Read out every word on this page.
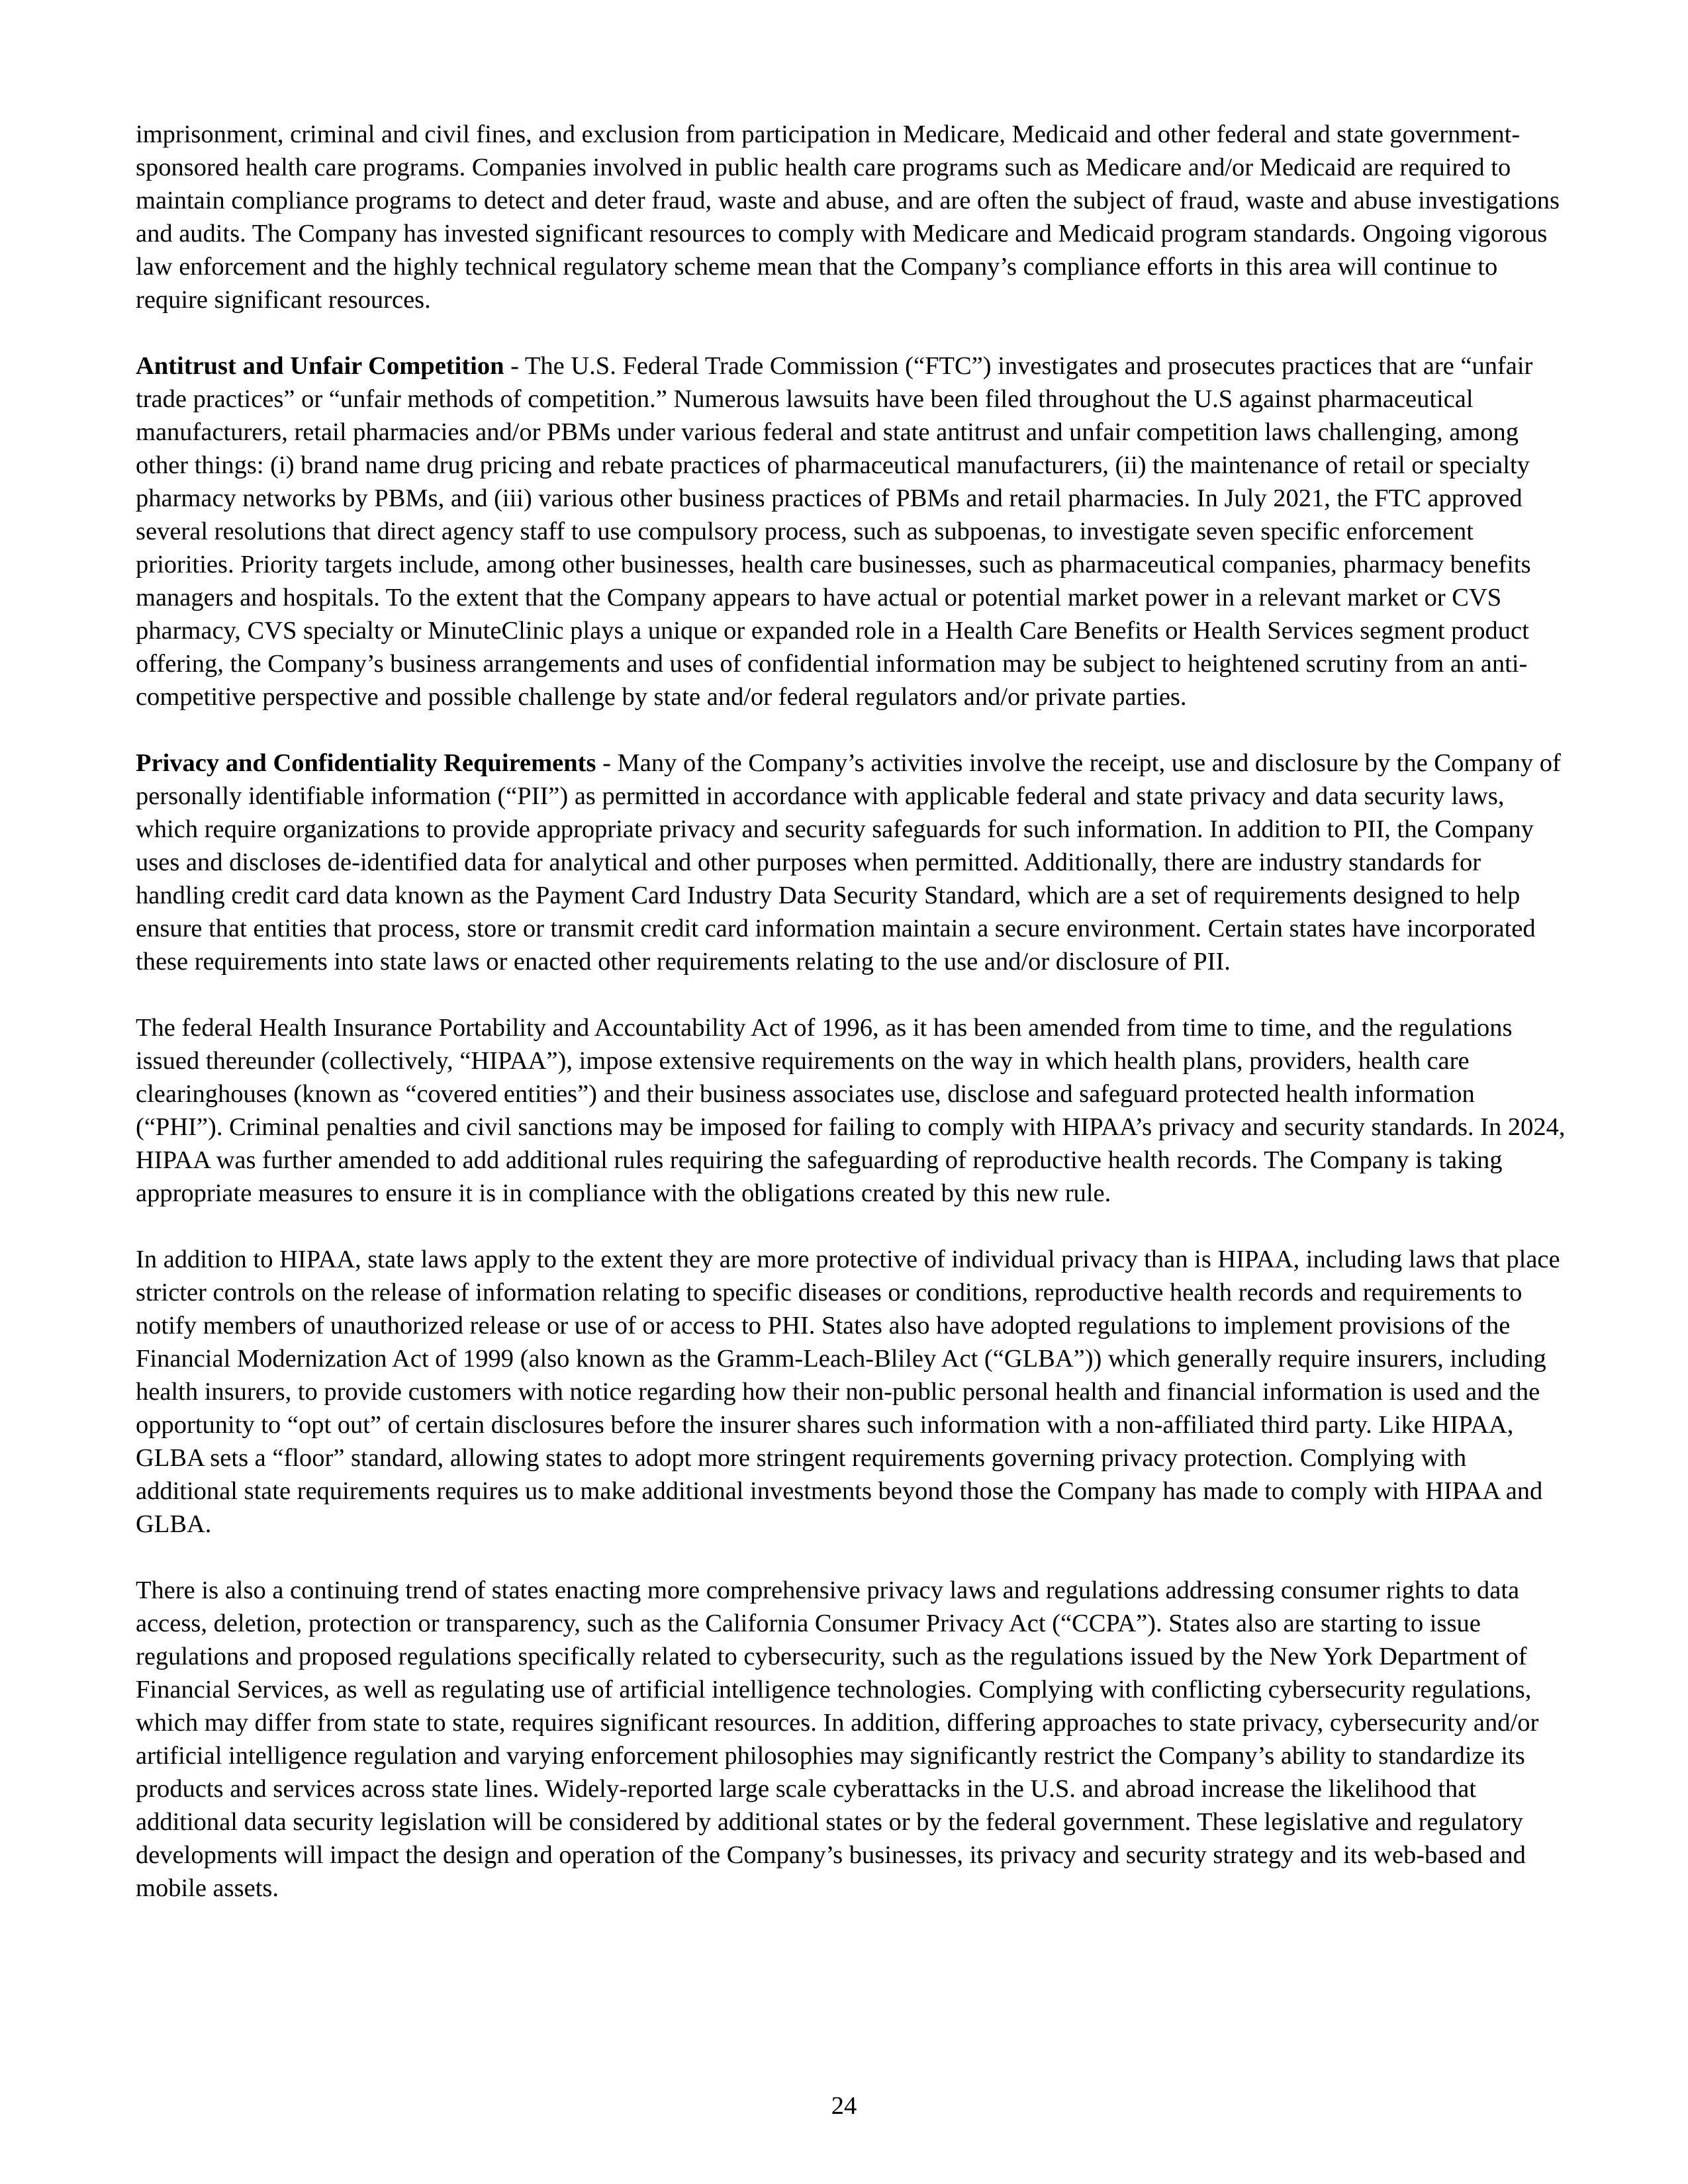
imprisonment, criminal and civil fines, and exclusion from participation in Medicare, Medicaid and other federal and state government-sponsored health care programs. Companies involved in public health care programs such as Medicare and/or Medicaid are required to maintain compliance programs to detect and deter fraud, waste and abuse, and are often the subject of fraud, waste and abuse investigations and audits. The Company has invested significant resources to comply with Medicare and Medicaid program standards. Ongoing vigorous law enforcement and the highly technical regulatory scheme mean that the Company’s compliance efforts in this area will continue to require significant resources.

Antitrust and Unfair Competition - The U.S. Federal Trade Commission (“FTC”) investigates and prosecutes practices that are “unfair trade practices” or “unfair methods of competition.” Numerous lawsuits have been filed throughout the U.S against pharmaceutical manufacturers, retail pharmacies and/or PBMs under various federal and state antitrust and unfair competition laws challenging, among other things: (i) brand name drug pricing and rebate practices of pharmaceutical manufacturers, (ii) the maintenance of retail or specialty pharmacy networks by PBMs, and (iii) various other business practices of PBMs and retail pharmacies. In July 2021, the FTC approved several resolutions that direct agency staff to use compulsory process, such as subpoenas, to investigate seven specific enforcement priorities. Priority targets include, among other businesses, health care businesses, such as pharmaceutical companies, pharmacy benefits managers and hospitals. To the extent that the Company appears to have actual or potential market power in a relevant market or CVS pharmacy, CVS specialty or MinuteClinic plays a unique or expanded role in a Health Care Benefits or Health Services segment product offering, the Company’s business arrangements and uses of confidential information may be subject to heightened scrutiny from an anti-competitive perspective and possible challenge by state and/or federal regulators and/or private parties.

Privacy and Confidentiality Requirements - Many of the Company’s activities involve the receipt, use and disclosure by the Company of personally identifiable information (“PII”) as permitted in accordance with applicable federal and state privacy and data security laws, which require organizations to provide appropriate privacy and security safeguards for such information. In addition to PII, the Company uses and discloses de-identified data for analytical and other purposes when permitted. Additionally, there are industry standards for handling credit card data known as the Payment Card Industry Data Security Standard, which are a set of requirements designed to help ensure that entities that process, store or transmit credit card information maintain a secure environment. Certain states have incorporated these requirements into state laws or enacted other requirements relating to the use and/or disclosure of PII.

The federal Health Insurance Portability and Accountability Act of 1996, as it has been amended from time to time, and the regulations issued thereunder (collectively, “HIPAA”), impose extensive requirements on the way in which health plans, providers, health care clearinghouses (known as “covered entities”) and their business associates use, disclose and safeguard protected health information (“PHI”). Criminal penalties and civil sanctions may be imposed for failing to comply with HIPAA’s privacy and security standards. In 2024, HIPAA was further amended to add additional rules requiring the safeguarding of reproductive health records. The Company is taking appropriate measures to ensure it is in compliance with the obligations created by this new rule.

In addition to HIPAA, state laws apply to the extent they are more protective of individual privacy than is HIPAA, including laws that place stricter controls on the release of information relating to specific diseases or conditions, reproductive health records and requirements to notify members of unauthorized release or use of or access to PHI. States also have adopted regulations to implement provisions of the Financial Modernization Act of 1999 (also known as the Gramm-Leach-Bliley Act (“GLBA”)) which generally require insurers, including health insurers, to provide customers with notice regarding how their non-public personal health and financial information is used and the opportunity to “opt out” of certain disclosures before the insurer shares such information with a non-affiliated third party. Like HIPAA, GLBA sets a “floor” standard, allowing states to adopt more stringent requirements governing privacy protection. Complying with additional state requirements requires us to make additional investments beyond those the Company has made to comply with HIPAA and GLBA.

There is also a continuing trend of states enacting more comprehensive privacy laws and regulations addressing consumer rights to data access, deletion, protection or transparency, such as the California Consumer Privacy Act (“CCPA”). States also are starting to issue regulations and proposed regulations specifically related to cybersecurity, such as the regulations issued by the New York Department of Financial Services, as well as regulating use of artificial intelligence technologies. Complying with conflicting cybersecurity regulations, which may differ from state to state, requires significant resources. In addition, differing approaches to state privacy, cybersecurity and/or artificial intelligence regulation and varying enforcement philosophies may significantly restrict the Company’s ability to standardize its products and services across state lines. Widely-reported large scale cyberattacks in the U.S. and abroad increase the likelihood that additional data security legislation will be considered by additional states or by the federal government. These legislative and regulatory developments will impact the design and operation of the Company’s businesses, its privacy and security strategy and its web-based and mobile assets.

24
